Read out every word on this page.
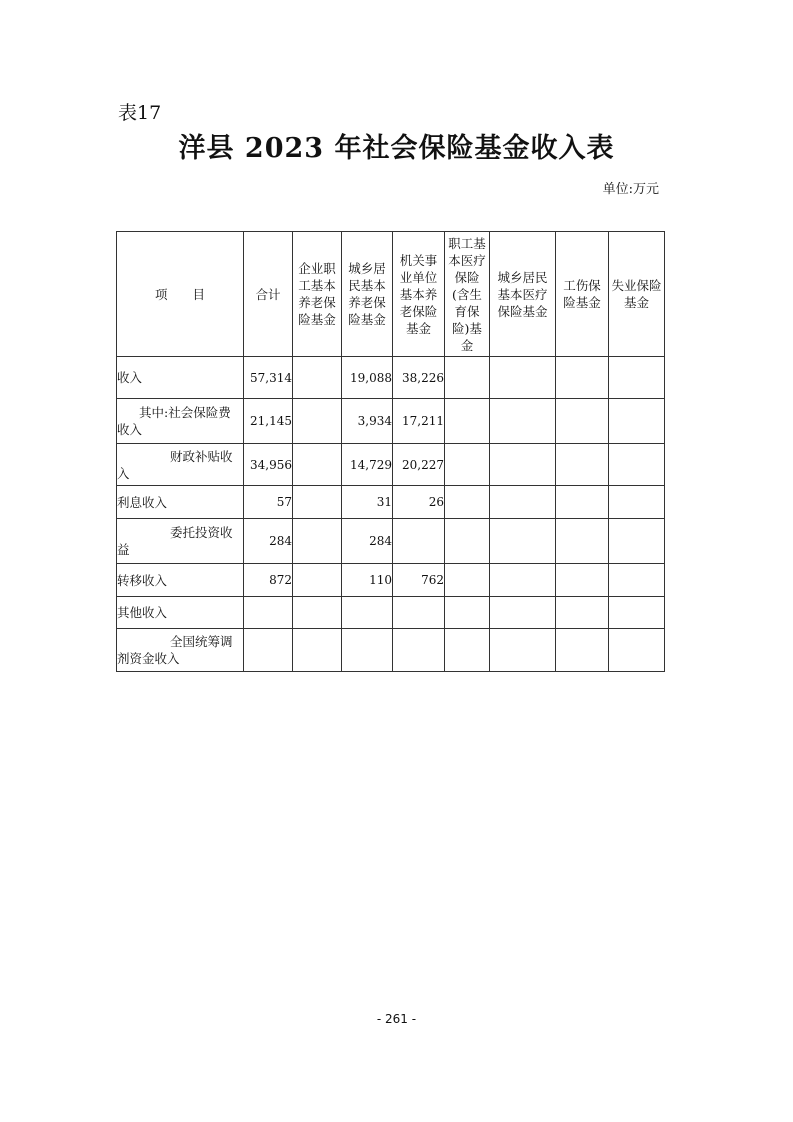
表17
洋县 2023 年社会保险基金收入表
单位:万元
项　　目	合计	企业职工基本养老保险基金	城乡居民基本养老保险基金	机关事业单位基本养老保险基金	职工基本医疗保险(含生育保险)基金	城乡居民基本医疗保险基金	工伤保险基金	失业保险基金
收入	57,314		19,088	38,226				
其中:社会保险费收入	21,145		3,934	17,211				
财政补贴收入	34,956		14,729	20,227				
利息收入	57		31	26				
委托投资收益	284		284					
转移收入	872		110	762				
其他收入								
全国统筹调剂资金收入								
- 261 -
